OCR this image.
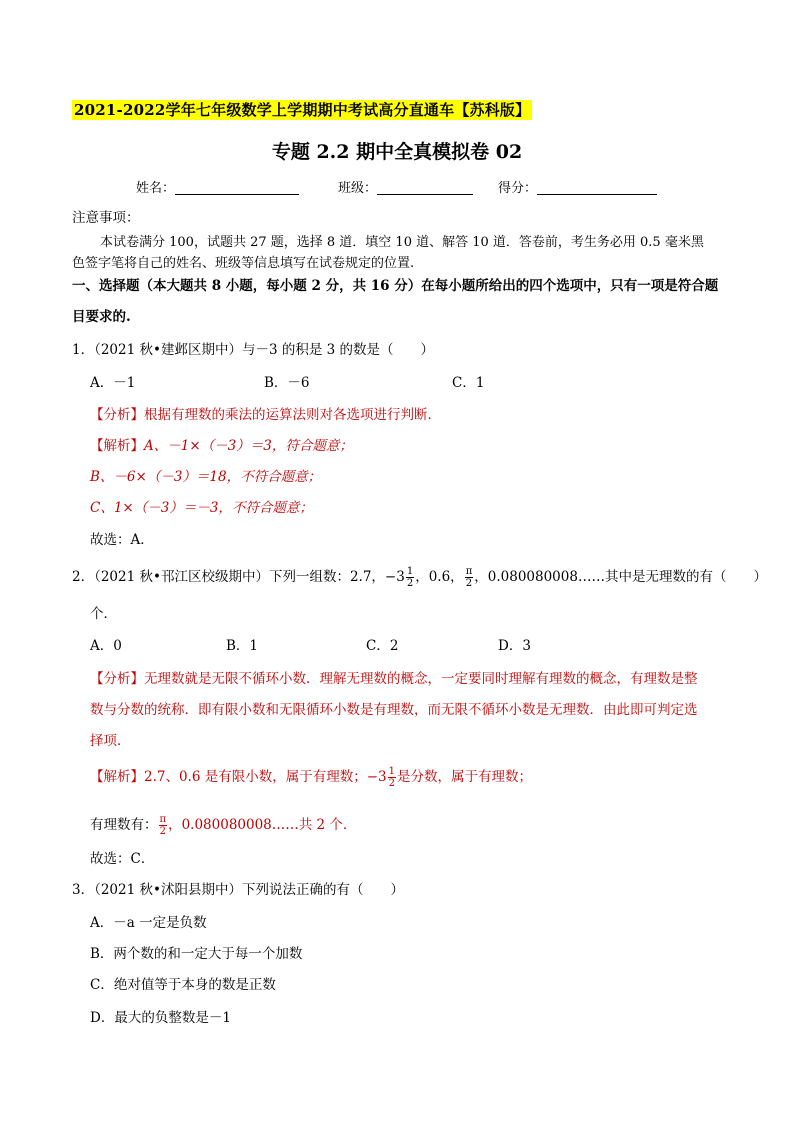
2021-2022学年七年级数学上学期期中考试高分直通车【苏科版】
专题 2.2 期中全真模拟卷 02
姓名：	班级：	得分：
注意事项：
本试卷满分 100，试题共 27 题，选择 8 道．填空 10 道、解答 10 道．答卷前，考生务必用 0.5 毫米黑
色签字笔将自己的姓名、班级等信息填写在试卷规定的位置.
一、选择题（本大题共 8 小题，每小题 2 分，共 16 分）在每小题所给出的四个选项中，只有一项是符合题
目要求的.
1．（2021 秋•建邺区期中）与－3 的积是 3 的数是（　　）
A．－1	B．－6	C．1
【分析】根据有理数的乘法的运算法则对各选项进行判断．
【解析】A、－1×（－3）＝3，符合题意；
B、－6×（－3）＝18，不符合题意；
C、1×（－3）＝－3，不符合题意；
故选：A．
2．（2021 秋•邗江区校级期中）下列一组数：2.7，$-3 \frac{1}{2}$ ，0.6， $\frac{\pi}{2}$ ，0.080080008……其中是无理数的有（　　）
个．
A．0	B．1	C．2	D．3
【分析】无理数就是无限不循环小数．理解无理数的概念，一定要同时理解有理数的概念，有理数是整
数与分数的统称．即有限小数和无限循环小数是有理数，而无限不循环小数是无理数．由此即可判定选
择项．
【解析】2.7、0.6 是有限小数，属于有理数；$-3 \frac{1}{2}$ 是分数，属于有理数；
有理数有： $\frac{\pi}{2}$ ，0.080080008……共 2 个．
故选：C．
3．（2021 秋•沭阳县期中）下列说法正确的有（　　）
A．－a 一定是负数
B．两个数的和一定大于每一个加数
C．绝对值等于本身的数是正数
D．最大的负整数是－1
